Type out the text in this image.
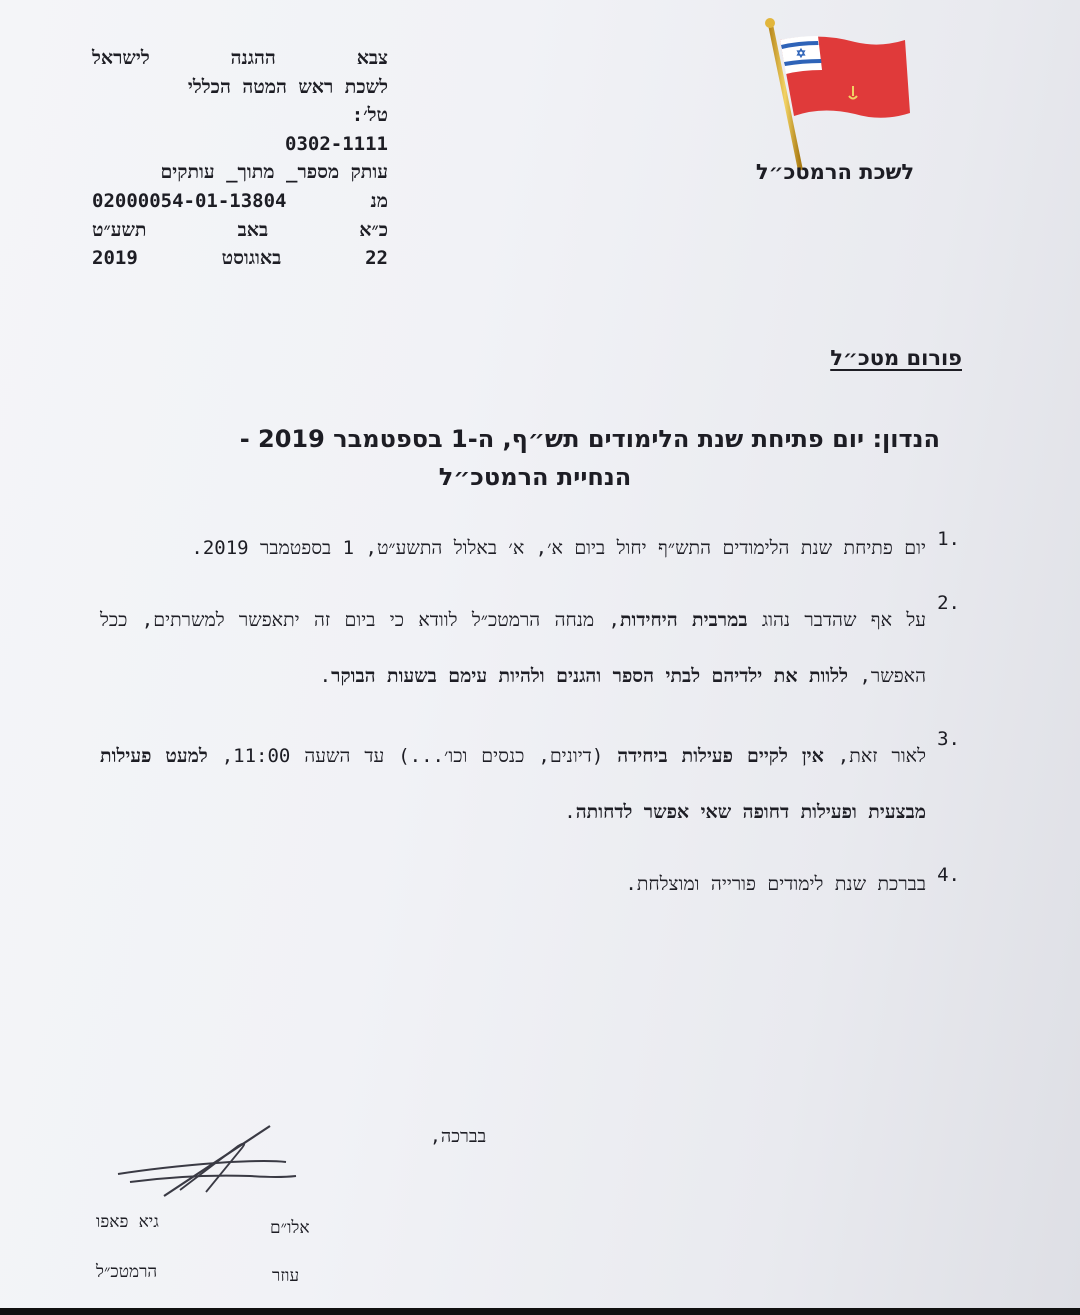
צבא
ההגנה
לישראל
לשכת ראש המטה הכללי
טל׳:
0302-1111
עותק מספר_ מתוך_ עותקים
מנ
02000054-01-13804
כ״א
באב
תשע״ט
22
באוגוסט
2019
לשכת הרמטכ״ל
פורום מטכ״ל
הנדון: יום פתיחת שנת הלימודים תש״ף, ה-1 בספטמבר 2019 -
הנחיית הרמטכ״ל
.1
יום פתיחת שנת הלימודים התש״ף יחול ביום א׳, א׳ באלול התשע״ט, 1 בספטמבר 2019.
.2
על אף שהדבר נהוג במרבית היחידות, מנחה הרמטכ״ל לוודא כי ביום זה יתאפשר למשרתים, ככל האפשר, ללוות את ילדיהם לבתי הספר והגנים ולהיות עימם בשעות הבוקר.
.3
לאור זאת, אין לקיים פעילות ביחידה (דיונים, כנסים וכו׳...) עד השעה 11:00, למעט פעילות מבצעית ופעילות דחופה שאי אפשר לדחותה.
.4
בברכת שנת לימודים פורייה ומוצלחת.
בברכה,
גיא פאפו
הרמטכ״ל
אלו״ם
עוזר
